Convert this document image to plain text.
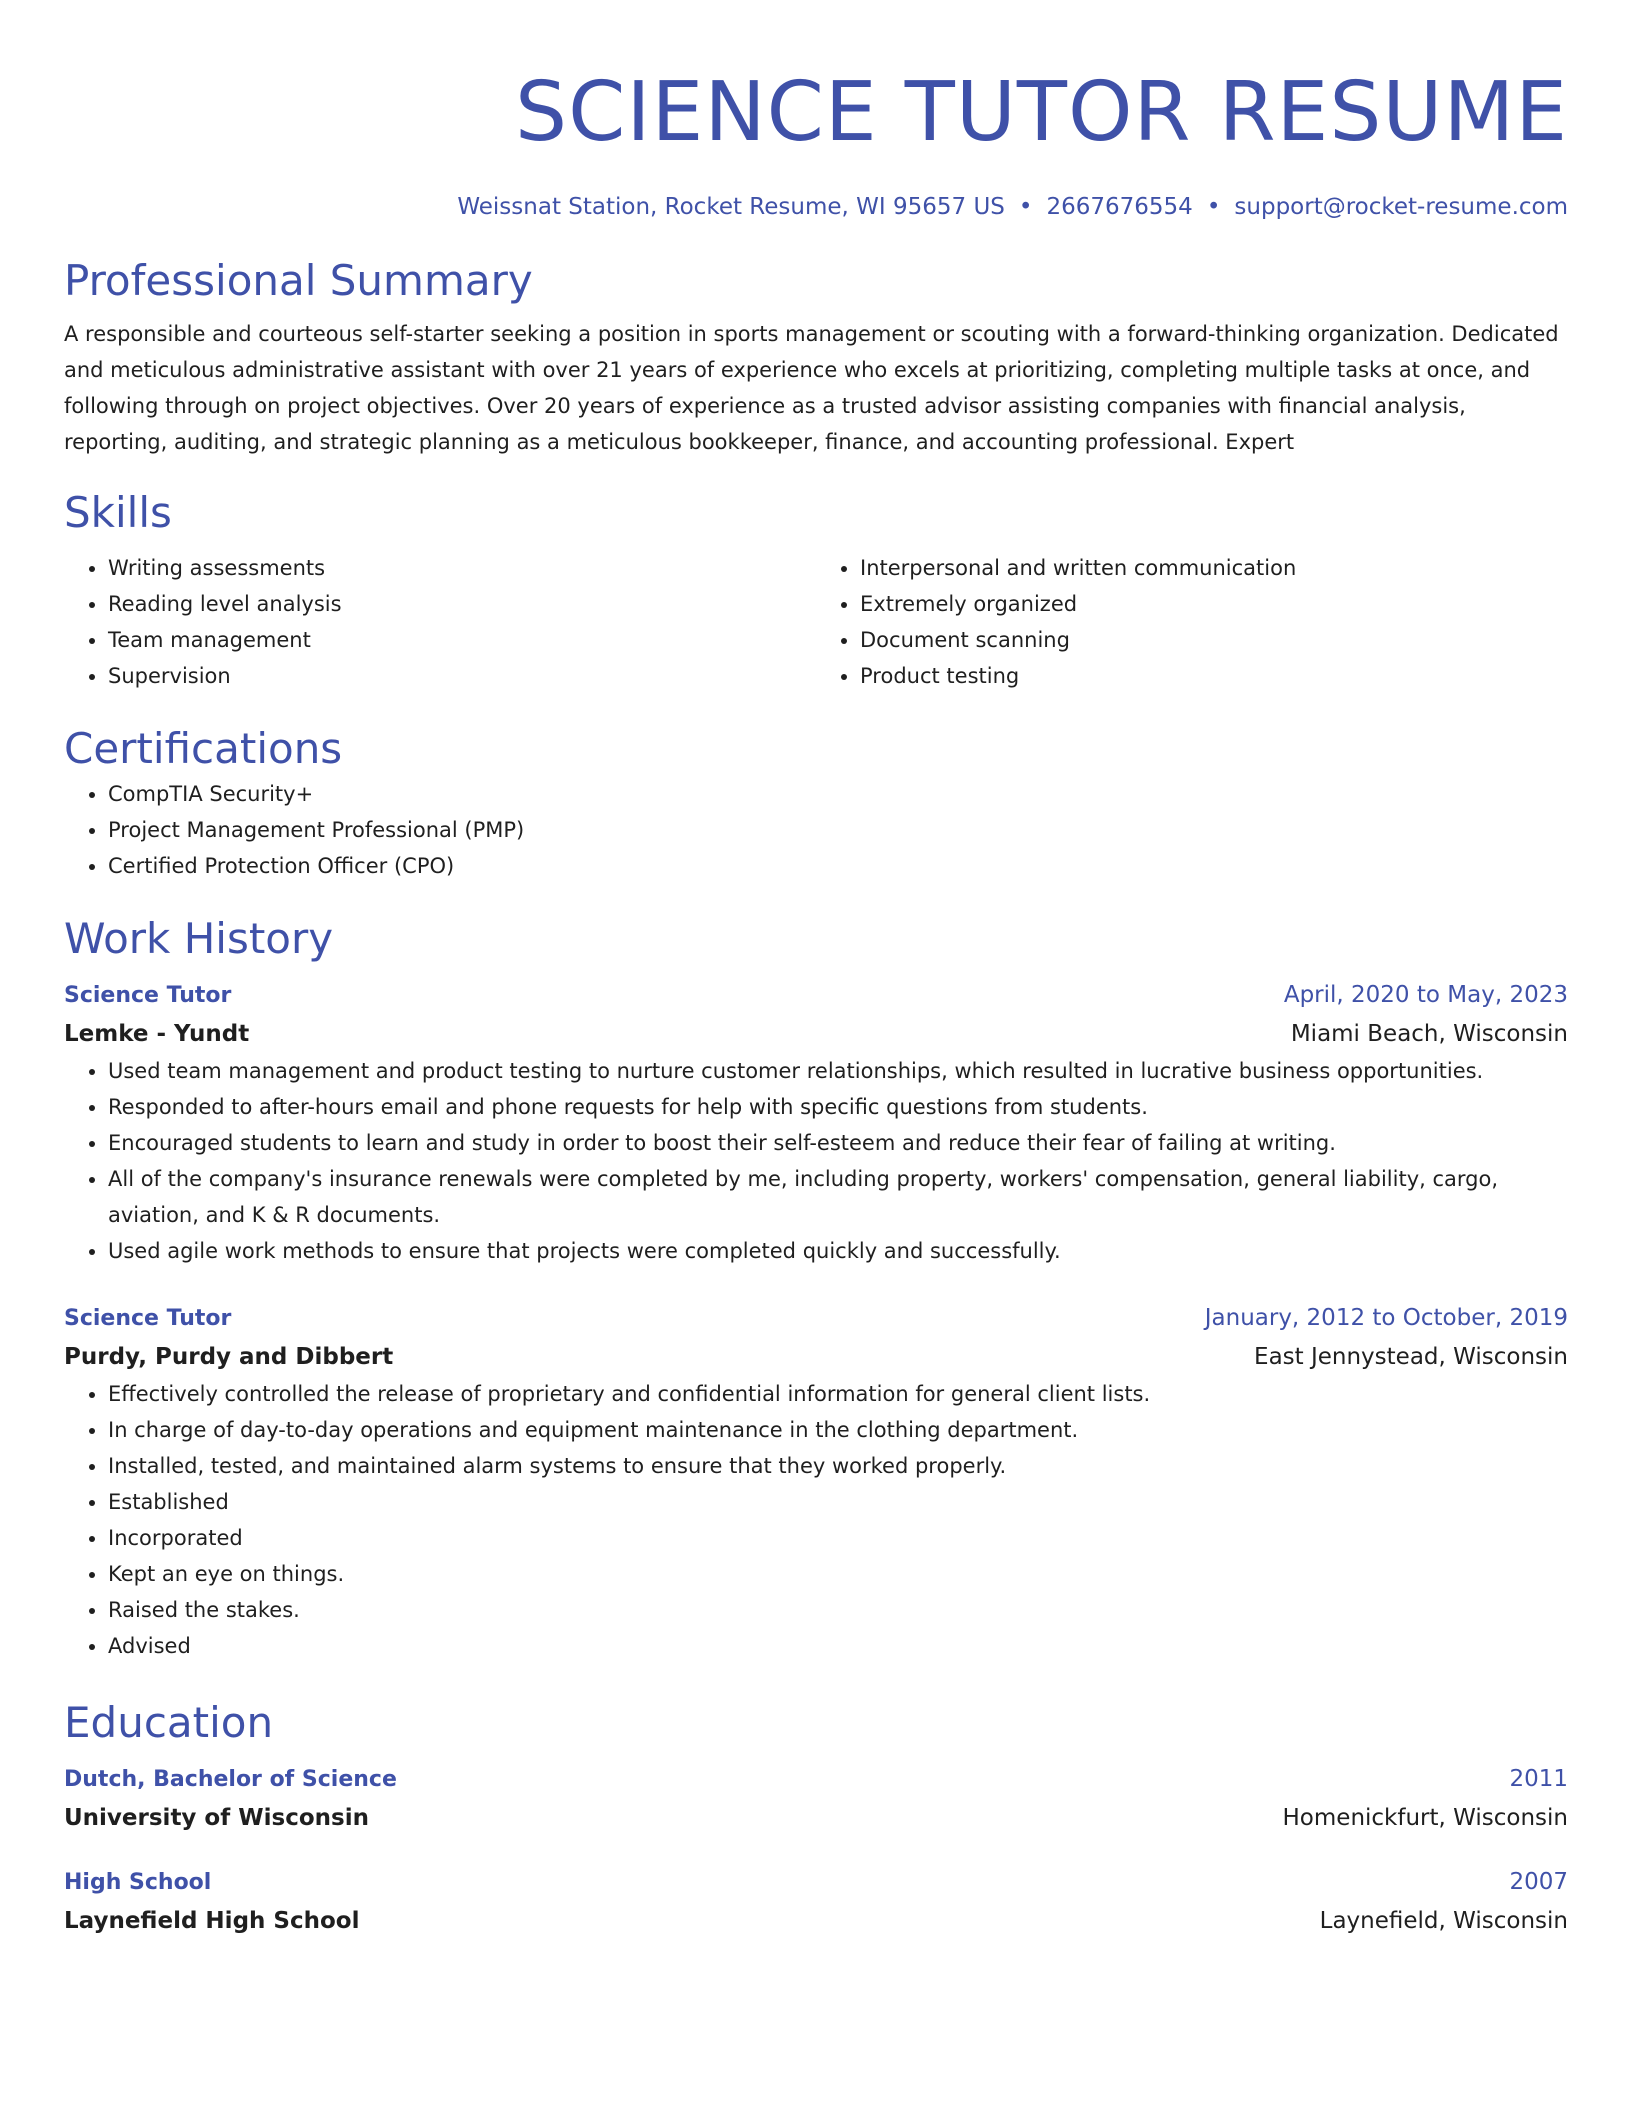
SCIENCE TUTOR RESUME
Weissnat Station, Rocket Resume, WI 95657 US • 2667676554 • support@rocket-resume.com
Professional Summary
A responsible and courteous self-starter seeking a position in sports management or scouting with a forward-thinking organization. Dedicated and meticulous administrative assistant with over 21 years of experience who excels at prioritizing, completing multiple tasks at once, and following through on project objectives. Over 20 years of experience as a trusted advisor assisting companies with financial analysis, reporting, auditing, and strategic planning as a meticulous bookkeeper, finance, and accounting professional. Expert
Skills
• Writing assessments
• Reading level analysis
• Team management
• Supervision
• Interpersonal and written communication
• Extremely organized
• Document scanning
• Product testing
Certifications
• CompTIA Security+
• Project Management Professional (PMP)
• Certified Protection Officer (CPO)
Work History
Science Tutor	April, 2020 to May, 2023
Lemke - Yundt	Miami Beach, Wisconsin
• Used team management and product testing to nurture customer relationships, which resulted in lucrative business opportunities.
• Responded to after-hours email and phone requests for help with specific questions from students.
• Encouraged students to learn and study in order to boost their self-esteem and reduce their fear of failing at writing.
• All of the company's insurance renewals were completed by me, including property, workers' compensation, general liability, cargo, aviation, and K & R documents.
• Used agile work methods to ensure that projects were completed quickly and successfully.
Science Tutor	January, 2012 to October, 2019
Purdy, Purdy and Dibbert	East Jennystead, Wisconsin
• Effectively controlled the release of proprietary and confidential information for general client lists.
• In charge of day-to-day operations and equipment maintenance in the clothing department.
• Installed, tested, and maintained alarm systems to ensure that they worked properly.
• Established
• Incorporated
• Kept an eye on things.
• Raised the stakes.
• Advised
Education
Dutch, Bachelor of Science	2011
University of Wisconsin	Homenickfurt, Wisconsin
High School	2007
Laynefield High School	Laynefield, Wisconsin
